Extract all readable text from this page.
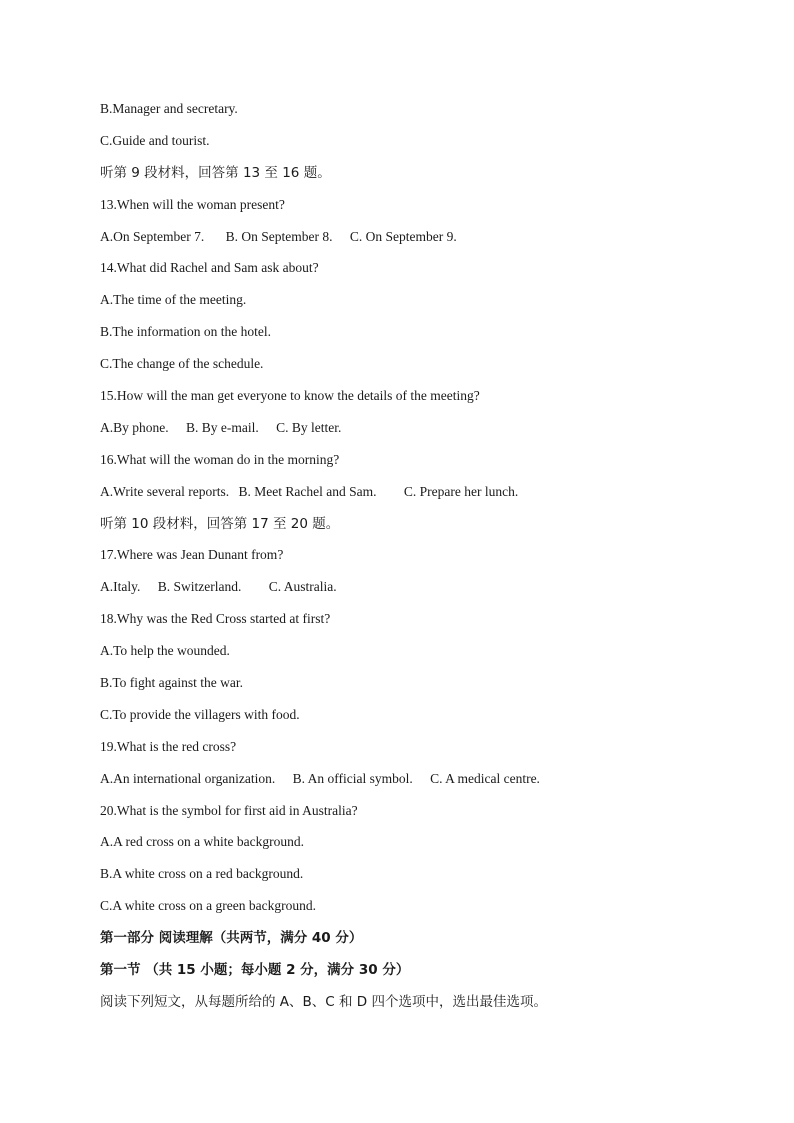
B.Manager and secretary.
C.Guide and tourist.
听第 9 段材料，回答第 13 至 16 题。
13.When will the woman present?
A.On September 7. B. On September 8. C. On September 9.
14.What did Rachel and Sam ask about?
A.The time of the meeting.
B.The information on the hotel.
C.The change of the schedule.
15.How will the man get everyone to know the details of the meeting?
A.By phone. B. By e-mail. C. By letter.
16.What will the woman do in the morning?
A.Write several reports. B. Meet Rachel and Sam. C. Prepare her lunch.
听第 10 段材料，回答第 17 至 20 题。
17.Where was Jean Dunant from?
A.Italy. B. Switzerland. C. Australia.
18.Why was the Red Cross started at first?
A.To help the wounded.
B.To fight against the war.
C.To provide the villagers with food.
19.What is the red cross?
A.An international organization. B. An official symbol. C. A medical centre.
20.What is the symbol for first aid in Australia?
A.A red cross on a white background.
B.A white cross on a red background.
C.A white cross on a green background.
第一部分 阅读理解（共两节，满分 40 分）
第一节 （共 15 小题；每小题 2 分，满分 30 分）
阅读下列短文，从每题所给的 A、B、C 和 D 四个选项中，选出最佳选项。
